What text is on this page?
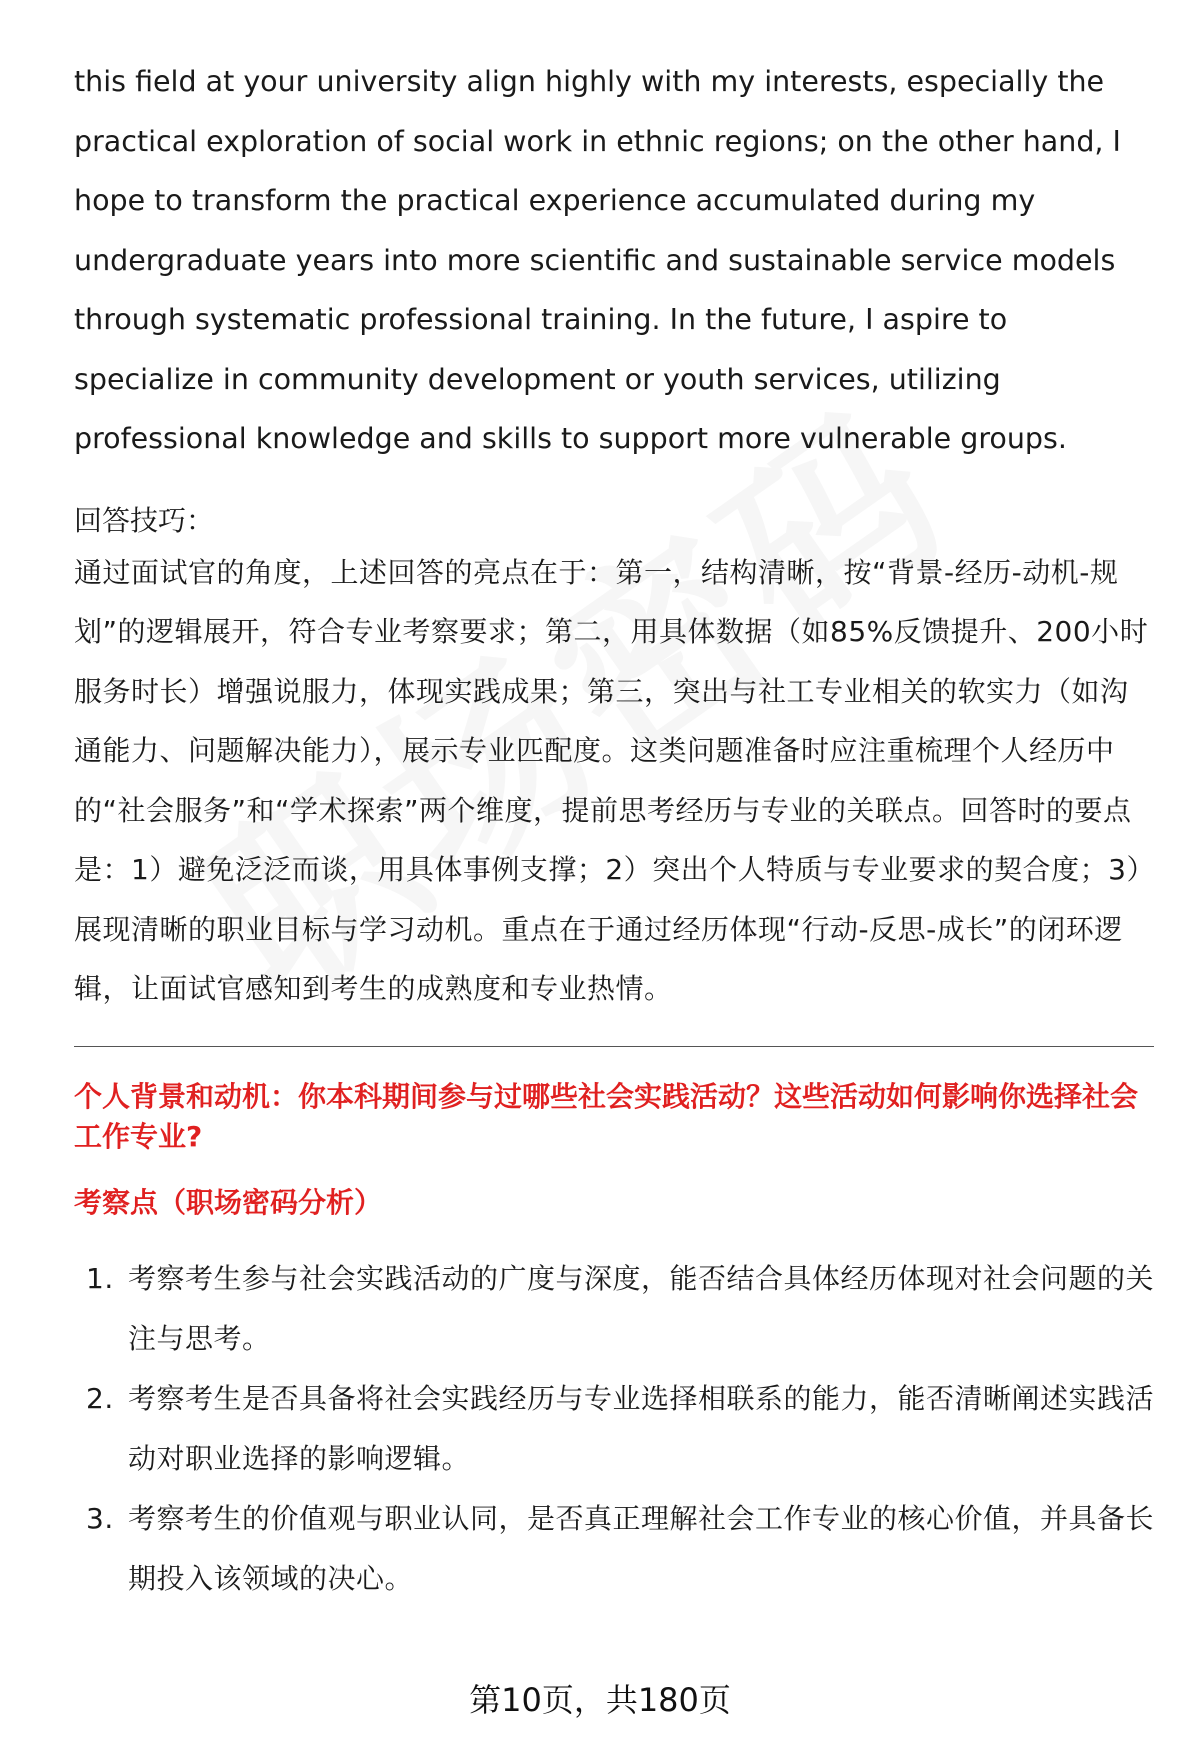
this field at your university align highly with my interests, especially the practical exploration of social work in ethnic regions; on the other hand, I hope to transform the practical experience accumulated during my undergraduate years into more scientific and sustainable service models through systematic professional training. In the future, I aspire to specialize in community development or youth services, utilizing professional knowledge and skills to support more vulnerable groups.

回答技巧：

通过面试官的角度，上述回答的亮点在于：第一，结构清晰，按“背景-经历-动机-规划”的逻辑展开，符合专业考察要求；第二，用具体数据（如85%反馈提升、200小时服务时长）增强说服力，体现实践成果；第三，突出与社工专业相关的软实力（如沟通能力、问题解决能力），展示专业匹配度。这类问题准备时应注重梳理个人经历中的“社会服务”和“学术探索”两个维度，提前思考经历与专业的关联点。回答时的要点是：1）避免泛泛而谈，用具体事例支撑；2）突出个人特质与专业要求的契合度；3）展现清晰的职业目标与学习动机。重点在于通过经历体现“行动-反思-成长”的闭环逻辑，让面试官感知到考生的成熟度和专业热情。

个人背景和动机：你本科期间参与过哪些社会实践活动？这些活动如何影响你选择社会工作专业?
考察点（职场密码分析）
1. 考察考生参与社会实践活动的广度与深度，能否结合具体经历体现对社会问题的关注与思考。
2. 考察考生是否具备将社会实践经历与专业选择相联系的能力，能否清晰阐述实践活动对职业选择的影响逻辑。
3. 考察考生的价值观与职业认同，是否真正理解社会工作专业的核心价值，并具备长期投入该领域的决心。
第10页，共180页
